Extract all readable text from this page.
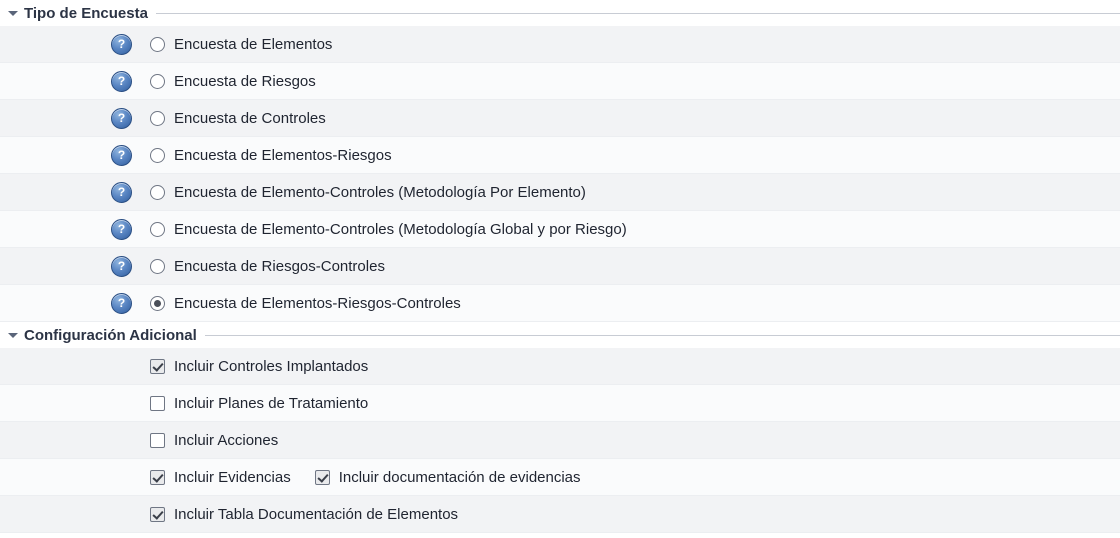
Tipo de Encuesta
?	Encuesta de Elementos
?	Encuesta de Riesgos
?	Encuesta de Controles
?	Encuesta de Elementos-Riesgos
?	Encuesta de Elemento-Controles (Metodología Por Elemento)
?	Encuesta de Elemento-Controles (Metodología Global y por Riesgo)
?	Encuesta de Riesgos-Controles
?	Encuesta de Elementos-Riesgos-Controles
Configuración Adicional
Incluir Controles Implantados
Incluir Planes de Tratamiento
Incluir Acciones
Incluir Evidencias	Incluir documentación de evidencias
Incluir Tabla Documentación de Elementos
